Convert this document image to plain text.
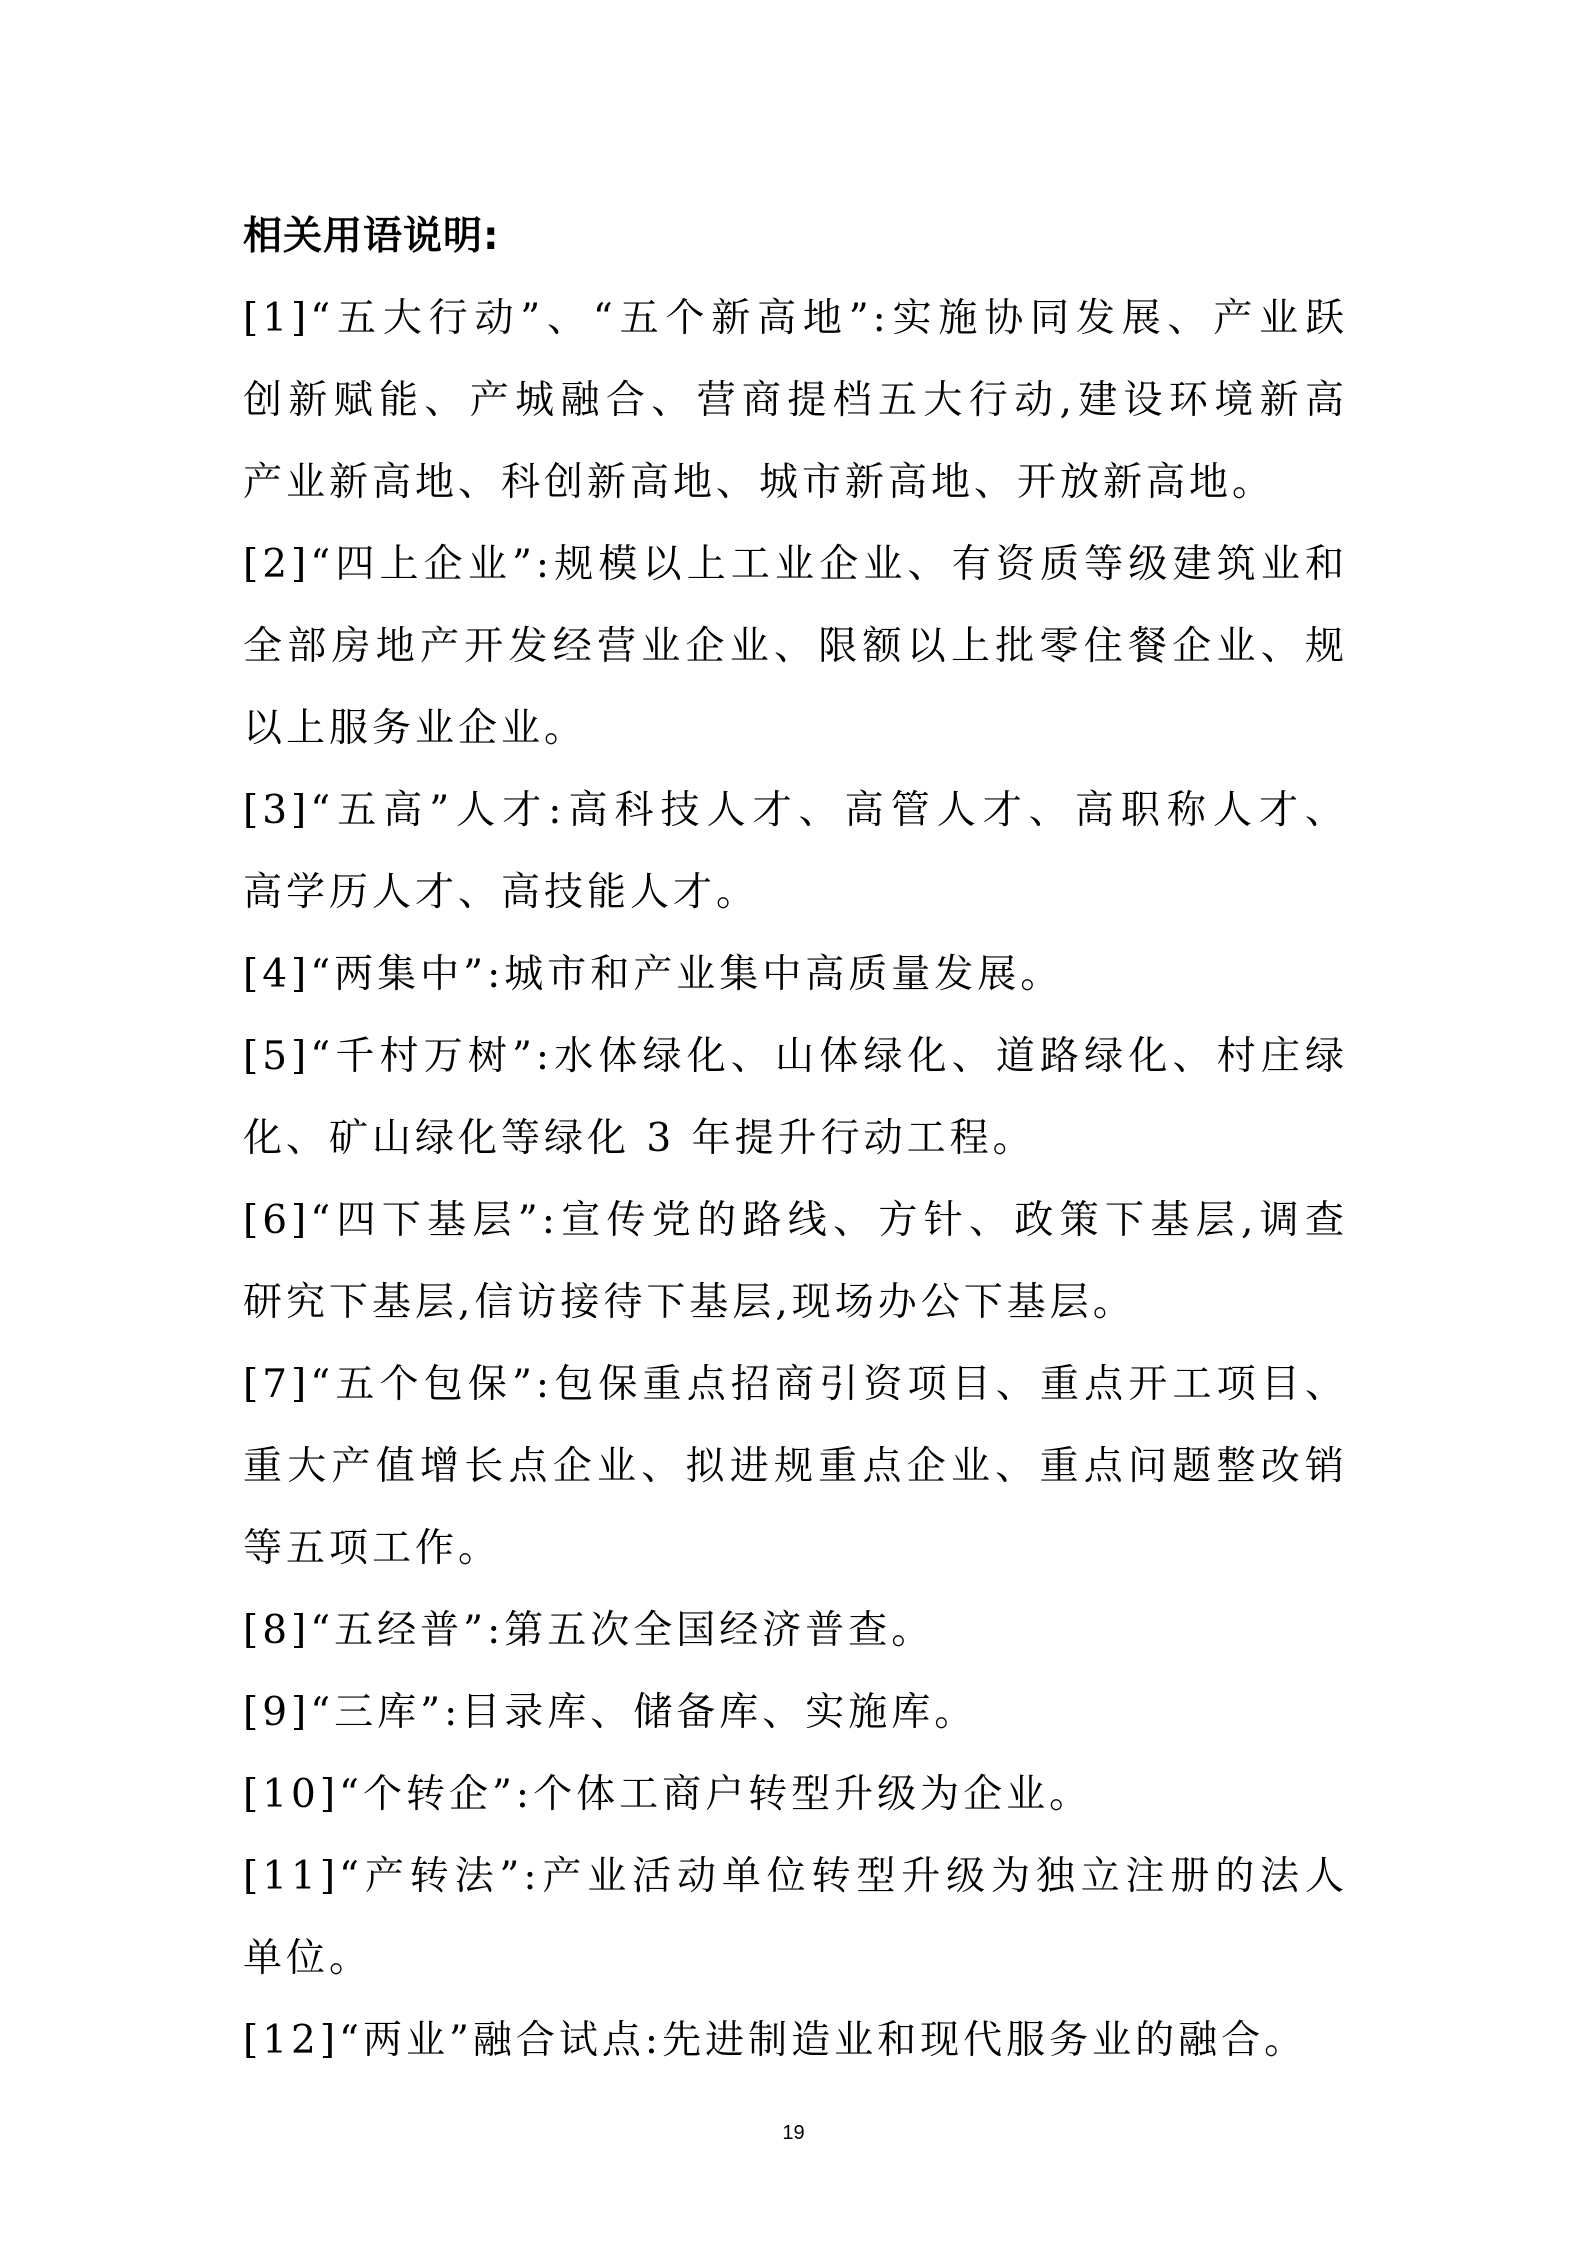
相关用语说明:
[1]“五大行动”、“五个新高地”:实施协同发展、产业跃
创新赋能、产城融合、营商提档五大行动,建设环境新高
产业新高地、科创新高地、城市新高地、开放新高地。
[2]“四上企业”:规模以上工业企业、有资质等级建筑业和
全部房地产开发经营业企业、限额以上批零住餐企业、规
以上服务业企业。
[3]“五高”人才:高科技人才、高管人才、高职称人才、
高学历人才、高技能人才。
[4]“两集中”:城市和产业集中高质量发展。
[5]“千村万树”:水体绿化、山体绿化、道路绿化、村庄绿
化、矿山绿化等绿化 3 年提升行动工程。
[6]“四下基层”:宣传党的路线、方针、政策下基层,调查
研究下基层,信访接待下基层,现场办公下基层。
[7]“五个包保”:包保重点招商引资项目、重点开工项目、
重大产值增长点企业、拟进规重点企业、重点问题整改销
等五项工作。
[8]“五经普”:第五次全国经济普查。
[9]“三库”:目录库、储备库、实施库。
[10]“个转企”:个体工商户转型升级为企业。
[11]“产转法”:产业活动单位转型升级为独立注册的法人
单位。
[12]“两业”融合试点:先进制造业和现代服务业的融合。
19
